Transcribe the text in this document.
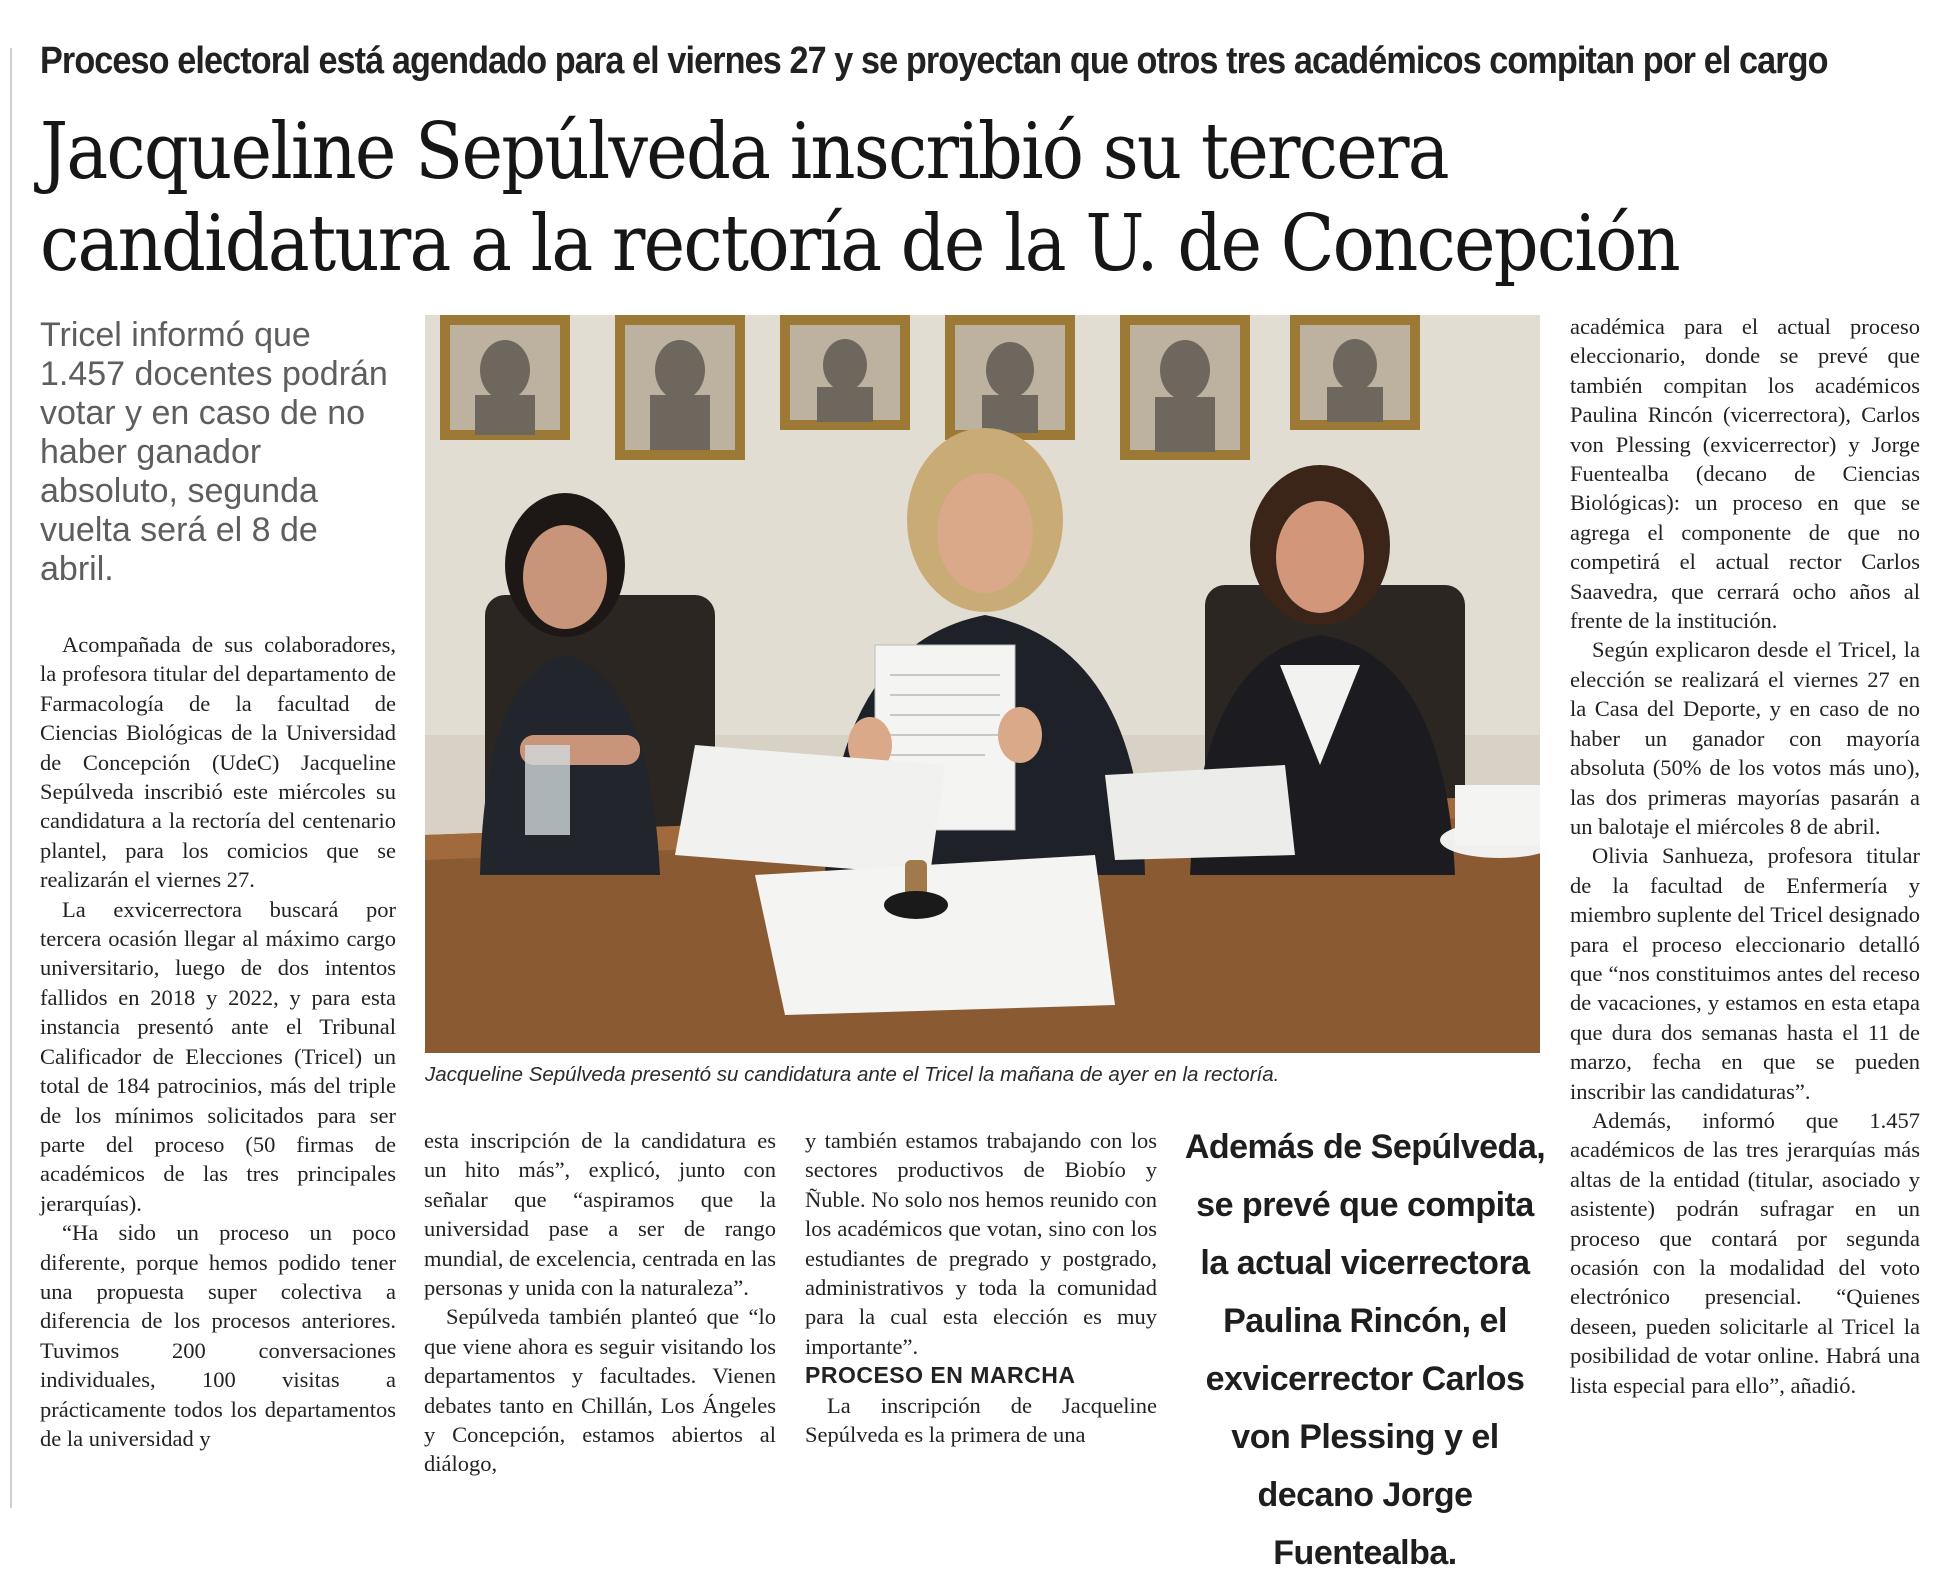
Proceso electoral está agendado para el viernes 27 y se proyectan que otros tres académicos compitan por el cargo
Jacqueline Sepúlveda inscribió su tercera
candidatura a la rectoría de la U. de Concepción

Tricel informó que 1.457 docentes podrán votar y en caso de no haber ganador absoluto, segunda vuelta será el 8 de abril.

Acompañada de sus colaboradores, la profesora titular del departamento de Farmacología de la facultad de Ciencias Biológicas de la Universidad de Concepción (UdeC) Jacqueline Sepúlveda inscribió este miércoles su candidatura a la rectoría del centenario plantel, para los comicios que se realizarán el viernes 27.

La exvicerrectora buscará por tercera ocasión llegar al máximo cargo universitario, luego de dos intentos fallidos en 2018 y 2022, y para esta instancia presentó ante el Tribunal Calificador de Elecciones (Tricel) un total de 184 patrocinios, más del triple de los mínimos solicitados para ser parte del proceso (50 firmas de académicos de las tres principales jerarquías).

“Ha sido un proceso un poco diferente, porque hemos podido tener una propuesta super colectiva a diferencia de los procesos anteriores. Tuvimos 200 conversaciones individuales, 100 visitas a prácticamente todos los departamentos de la universidad y

Jacqueline Sepúlveda presentó su candidatura ante el Tricel la mañana de ayer en la rectoría.

esta inscripción de la candidatura es un hito más”, explicó, junto con señalar que “aspiramos que la universidad pase a ser de rango mundial, de excelencia, centrada en las personas y unida con la naturaleza”.

Sepúlveda también planteó que “lo que viene ahora es seguir visitando los departamentos y facultades. Vienen debates tanto en Chillán, Los Ángeles y Concepción, estamos abiertos al diálogo,

y también estamos trabajando con los sectores productivos de Biobío y Ñuble. No solo nos hemos reunido con los académicos que votan, sino con los estudiantes de pregrado y postgrado, administrativos y toda la comunidad para la cual esta elección es muy importante”.

PROCESO EN MARCHA

La inscripción de Jacqueline Sepúlveda es la primera de una

Además de Sepúlveda, se prevé que compita la actual vicerrectora Paulina Rincón, el exvicerrector Carlos von Plessing y el decano Jorge Fuentealba.

académica para el actual proceso eleccionario, donde se prevé que también compitan los académicos Paulina Rincón (vicerrectora), Carlos von Plessing (exvicerrector) y Jorge Fuentealba (decano de Ciencias Biológicas): un proceso en que se agrega el componente de que no competirá el actual rector Carlos Saavedra, que cerrará ocho años al frente de la institución.

Según explicaron desde el Tricel, la elección se realizará el viernes 27 en la Casa del Deporte, y en caso de no haber un ganador con mayoría absoluta (50% de los votos más uno), las dos primeras mayorías pasarán a un balotaje el miércoles 8 de abril.

Olivia Sanhueza, profesora titular de la facultad de Enfermería y miembro suplente del Tricel designado para el proceso eleccionario detalló que “nos constituimos antes del receso de vacaciones, y estamos en esta etapa que dura dos semanas hasta el 11 de marzo, fecha en que se pueden inscribir las candidaturas”.

Además, informó que 1.457 académicos de las tres jerarquías más altas de la entidad (titular, asociado y asistente) podrán sufragar en un proceso que contará por segunda ocasión con la modalidad del voto electrónico presencial. “Quienes deseen, pueden solicitarle al Tricel la posibilidad de votar online. Habrá una lista especial para ello”, añadió.
